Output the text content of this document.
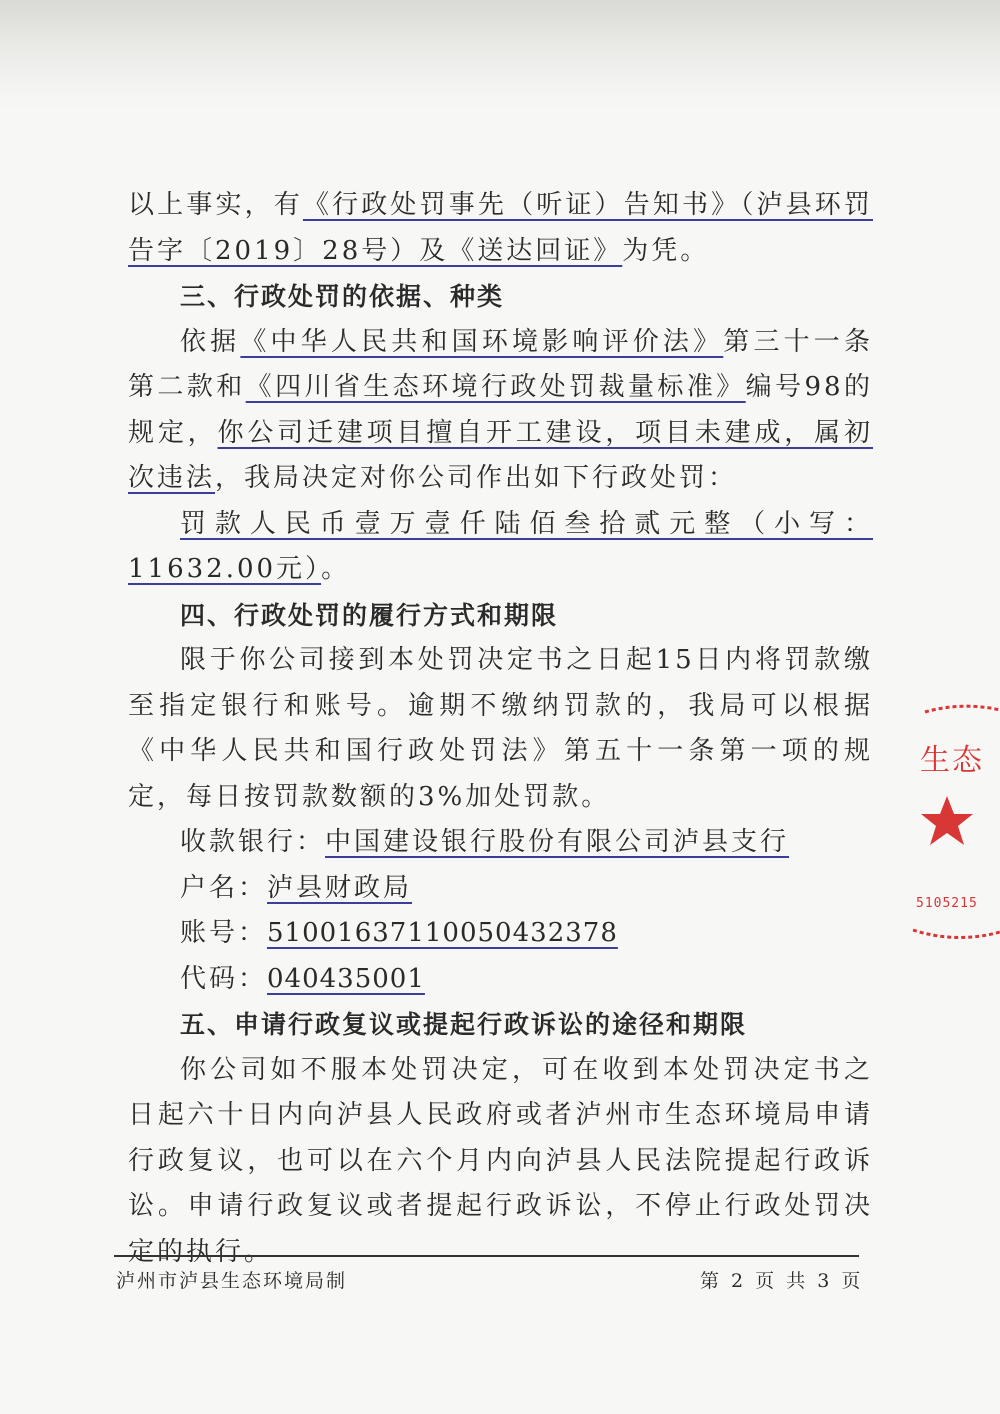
以上事实，有《行政处罚事先（听证）告知书》（泸县环罚告字〔2019〕28号）及《送达回证》为凭。

三、行政处罚的依据、种类

依据《中华人民共和国环境影响评价法》第三十一条第二款和《四川省生态环境行政处罚裁量标准》编号98的规定，你公司迁建项目擅自开工建设，项目未建成，属初次违法，我局决定对你公司作出如下行政处罚：

罚款人民币壹万壹仟陆佰叁拾贰元整（小写：11632.00元）。

四、行政处罚的履行方式和期限

限于你公司接到本处罚决定书之日起15日内将罚款缴至指定银行和账号。逾期不缴纳罚款的，我局可以根据《中华人民共和国行政处罚法》第五十一条第一项的规定，每日按罚款数额的3%加处罚款。

收款银行：中国建设银行股份有限公司泸县支行

户名：泸县财政局

账号：51001637110050432378

代码：040435001

五、申请行政复议或提起行政诉讼的途径和期限

你公司如不服本处罚决定，可在收到本处罚决定书之日起六十日内向泸县人民政府或者泸州市生态环境局申请行政复议，也可以在六个月内向泸县人民法院提起行政诉讼。申请行政复议或者提起行政诉讼，不停止行政处罚决定的执行。

生态
5105215
泸州市泸县生态环境局制	第 2 页 共 3 页
